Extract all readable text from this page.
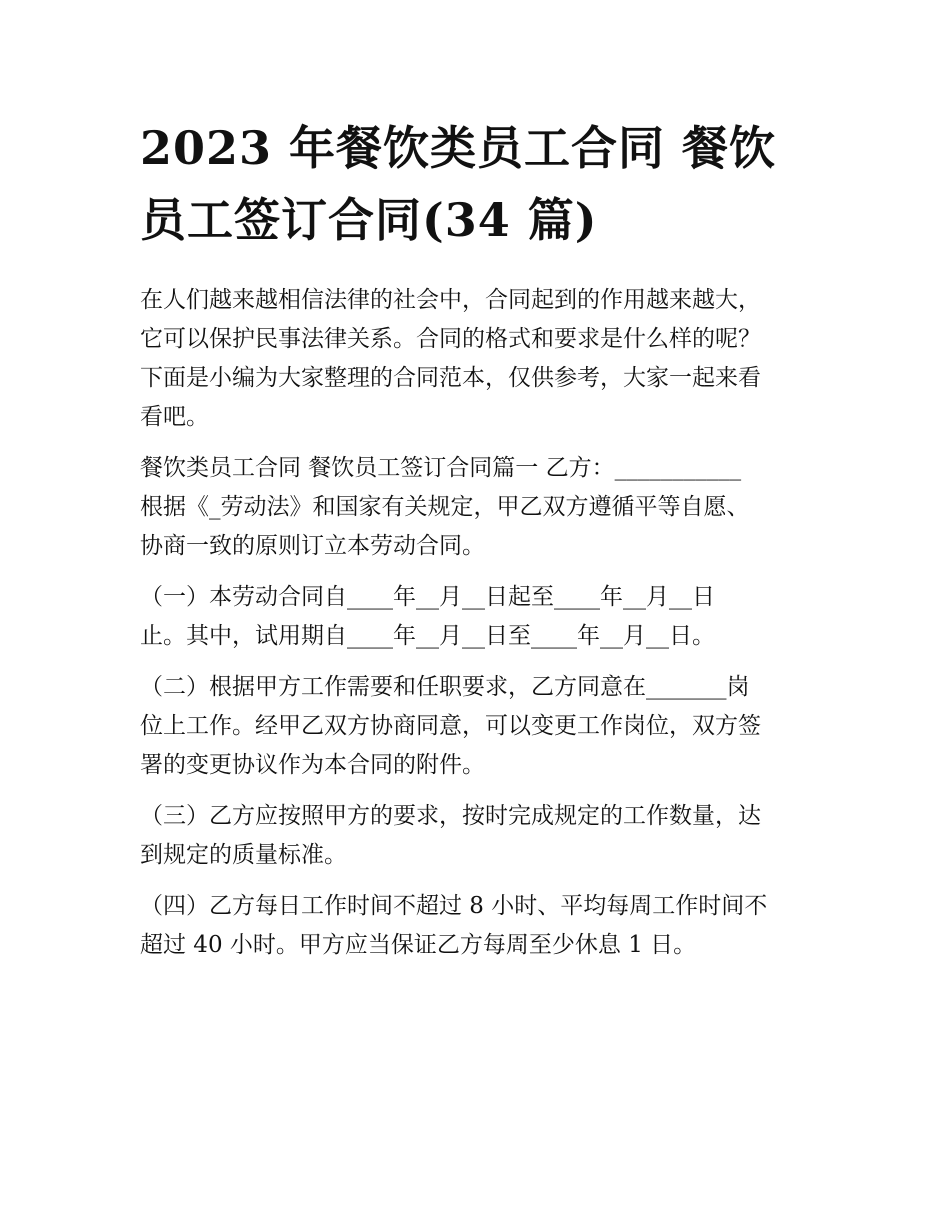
2023 年餐饮类员工合同 餐饮
员工签订合同(34 篇)

在人们越来越相信法律的社会中，合同起到的作用越来越大，
它可以保护民事法律关系。合同的格式和要求是什么样的呢？
下面是小编为大家整理的合同范本，仅供参考，大家一起来看
看吧。

餐饮类员工合同 餐饮员工签订合同篇一 乙方：___________
根据《_劳动法》和国家有关规定，甲乙双方遵循平等自愿、
协商一致的原则订立本劳动合同。

（一）本劳动合同自____年__月__日起至____年__月__日
止。其中，试用期自____年__月__日至____年__月__日。

（二）根据甲方工作需要和任职要求，乙方同意在_______岗
位上工作。经甲乙双方协商同意，可以变更工作岗位，双方签
署的变更协议作为本合同的附件。

（三）乙方应按照甲方的要求，按时完成规定的工作数量，达
到规定的质量标准。

（四）乙方每日工作时间不超过 8 小时、平均每周工作时间不
超过 40 小时。甲方应当保证乙方每周至少休息 1 日。
